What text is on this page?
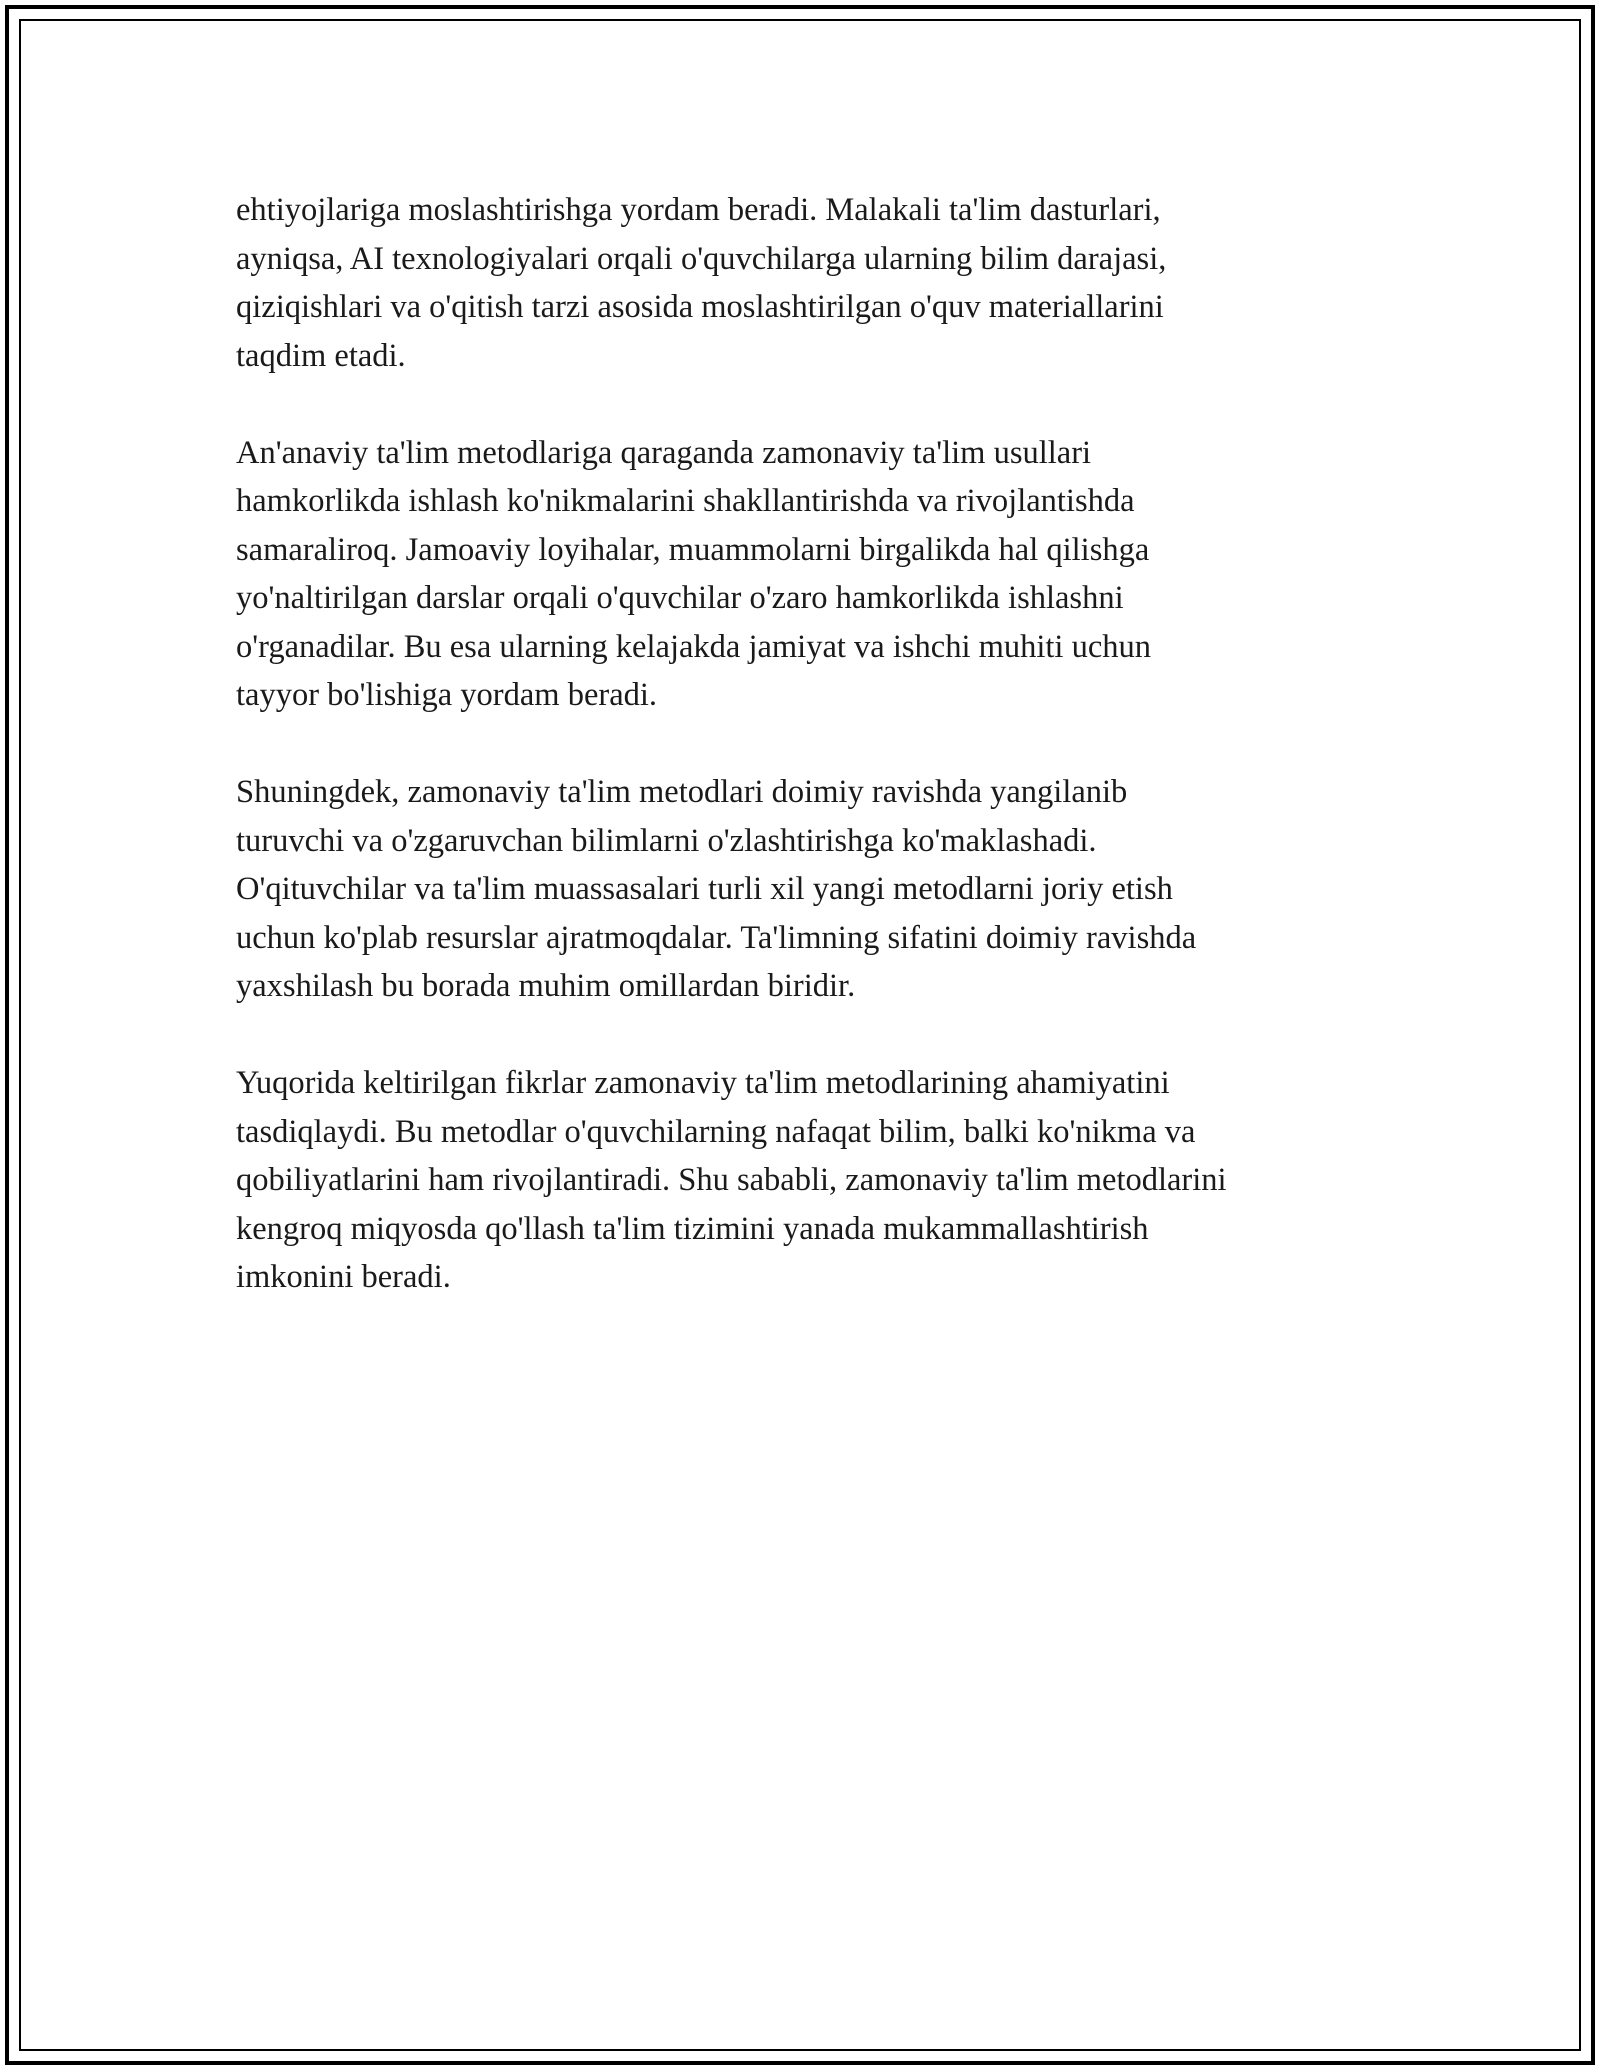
ehtiyojlariga moslashtirishga yordam beradi. Malakali ta'lim dasturlari,
ayniqsa, AI texnologiyalari orqali o'quvchilarga ularning bilim darajasi,
qiziqishlari va o'qitish tarzi asosida moslashtirilgan o'quv materiallarini
taqdim etadi.

An'anaviy ta'lim metodlariga qaraganda zamonaviy ta'lim usullari
hamkorlikda ishlash ko'nikmalarini shakllantirishda va rivojlantishda
samaraliroq. Jamoaviy loyihalar, muammolarni birgalikda hal qilishga
yo'naltirilgan darslar orqali o'quvchilar o'zaro hamkorlikda ishlashni
o'rganadilar. Bu esa ularning kelajakda jamiyat va ishchi muhiti uchun
tayyor bo'lishiga yordam beradi.

Shuningdek, zamonaviy ta'lim metodlari doimiy ravishda yangilanib
turuvchi va o'zgaruvchan bilimlarni o'zlashtirishga ko'maklashadi.
O'qituvchilar va ta'lim muassasalari turli xil yangi metodlarni joriy etish
uchun ko'plab resurslar ajratmoqdalar. Ta'limning sifatini doimiy ravishda
yaxshilash bu borada muhim omillardan biridir.

Yuqorida keltirilgan fikrlar zamonaviy ta'lim metodlarining ahamiyatini
tasdiqlaydi. Bu metodlar o'quvchilarning nafaqat bilim, balki ko'nikma va
qobiliyatlarini ham rivojlantiradi. Shu sababli, zamonaviy ta'lim metodlarini
kengroq miqyosda qo'llash ta'lim tizimini yanada mukammallashtirish
imkonini beradi.
